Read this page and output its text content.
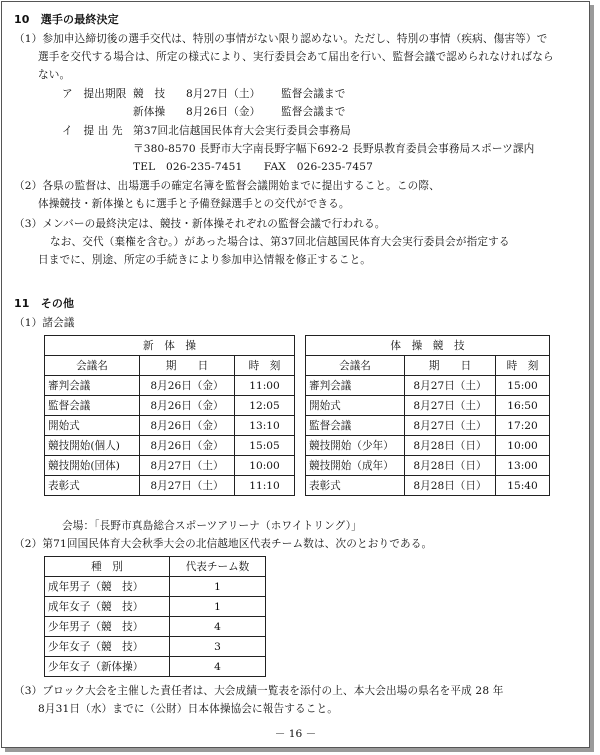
10　選手の最終決定
（1）参加申込締切後の選手交代は、特別の事情がない限り認めない。ただし、特別の事情（疾病、傷害等）で
選手を交代する場合は、所定の様式により、実行委員会あて届出を行い、監督会議で認められなければなら
ない。
ア　提出期限 競　技 8月27日（土） 監督会議まで
新体操 8月26日（金） 監督会議まで
イ　提 出 先 第37回北信越国民体育大会実行委員会事務局
〒380-8570 長野市大字南長野字幅下692-2 長野県教育委員会事務局スポーツ課内
TEL　026-235-7451　　FAX　026-235-7457
（2）各県の監督は、出場選手の確定名簿を監督会議開始までに提出すること。この際、
体操競技・新体操ともに選手と予備登録選手との交代ができる。
（3）メンバーの最終決定は、競技・新体操それぞれの監督会議で行われる。
なお、交代（棄権を含む。）があった場合は、第37回北信越国民体育大会実行委員会が指定する
日までに、別途、所定の手続きにより参加申込情報を修正すること。
11　その他
（1）諸会議
新　体　操		
会議名	期　　日	時　刻
審判会議	8月26日（金）	11:00
監督会議	8月26日（金）	12:05
開始式	8月26日（金）	13:10
競技開始(個人)	8月26日（金）	15:05
競技開始(団体)	8月27日（土）	10:00
表彰式	8月27日（土）	11:10
体　操　競　技		
会議名	期　　日	時　刻
審判会議	8月27日（土）	15:00
開始式	8月27日（土）	16:50
監督会議	8月27日（土）	17:20
競技開始（少年）	8月28日（日）	10:00
競技開始（成年）	8月28日（日）	13:00
表彰式	8月28日（日）	15:40
会場：「長野市真島総合スポーツアリーナ（ホワイトリング）」
（2）第71回国民体育大会秋季大会の北信越地区代表チーム数は、次のとおりである。
種　別	代表チーム数
成年男子（競　技）	1
成年女子（競　技）	1
少年男子（競　技）	4
少年女子（競　技）	3
少年女子（新体操）	4
（3）ブロック大会を主催した責任者は、大会成績一覧表を添付の上、本大会出場の県名を平成 28 年
8月31日（水）までに（公財）日本体操協会に報告すること。
－ 16 －
